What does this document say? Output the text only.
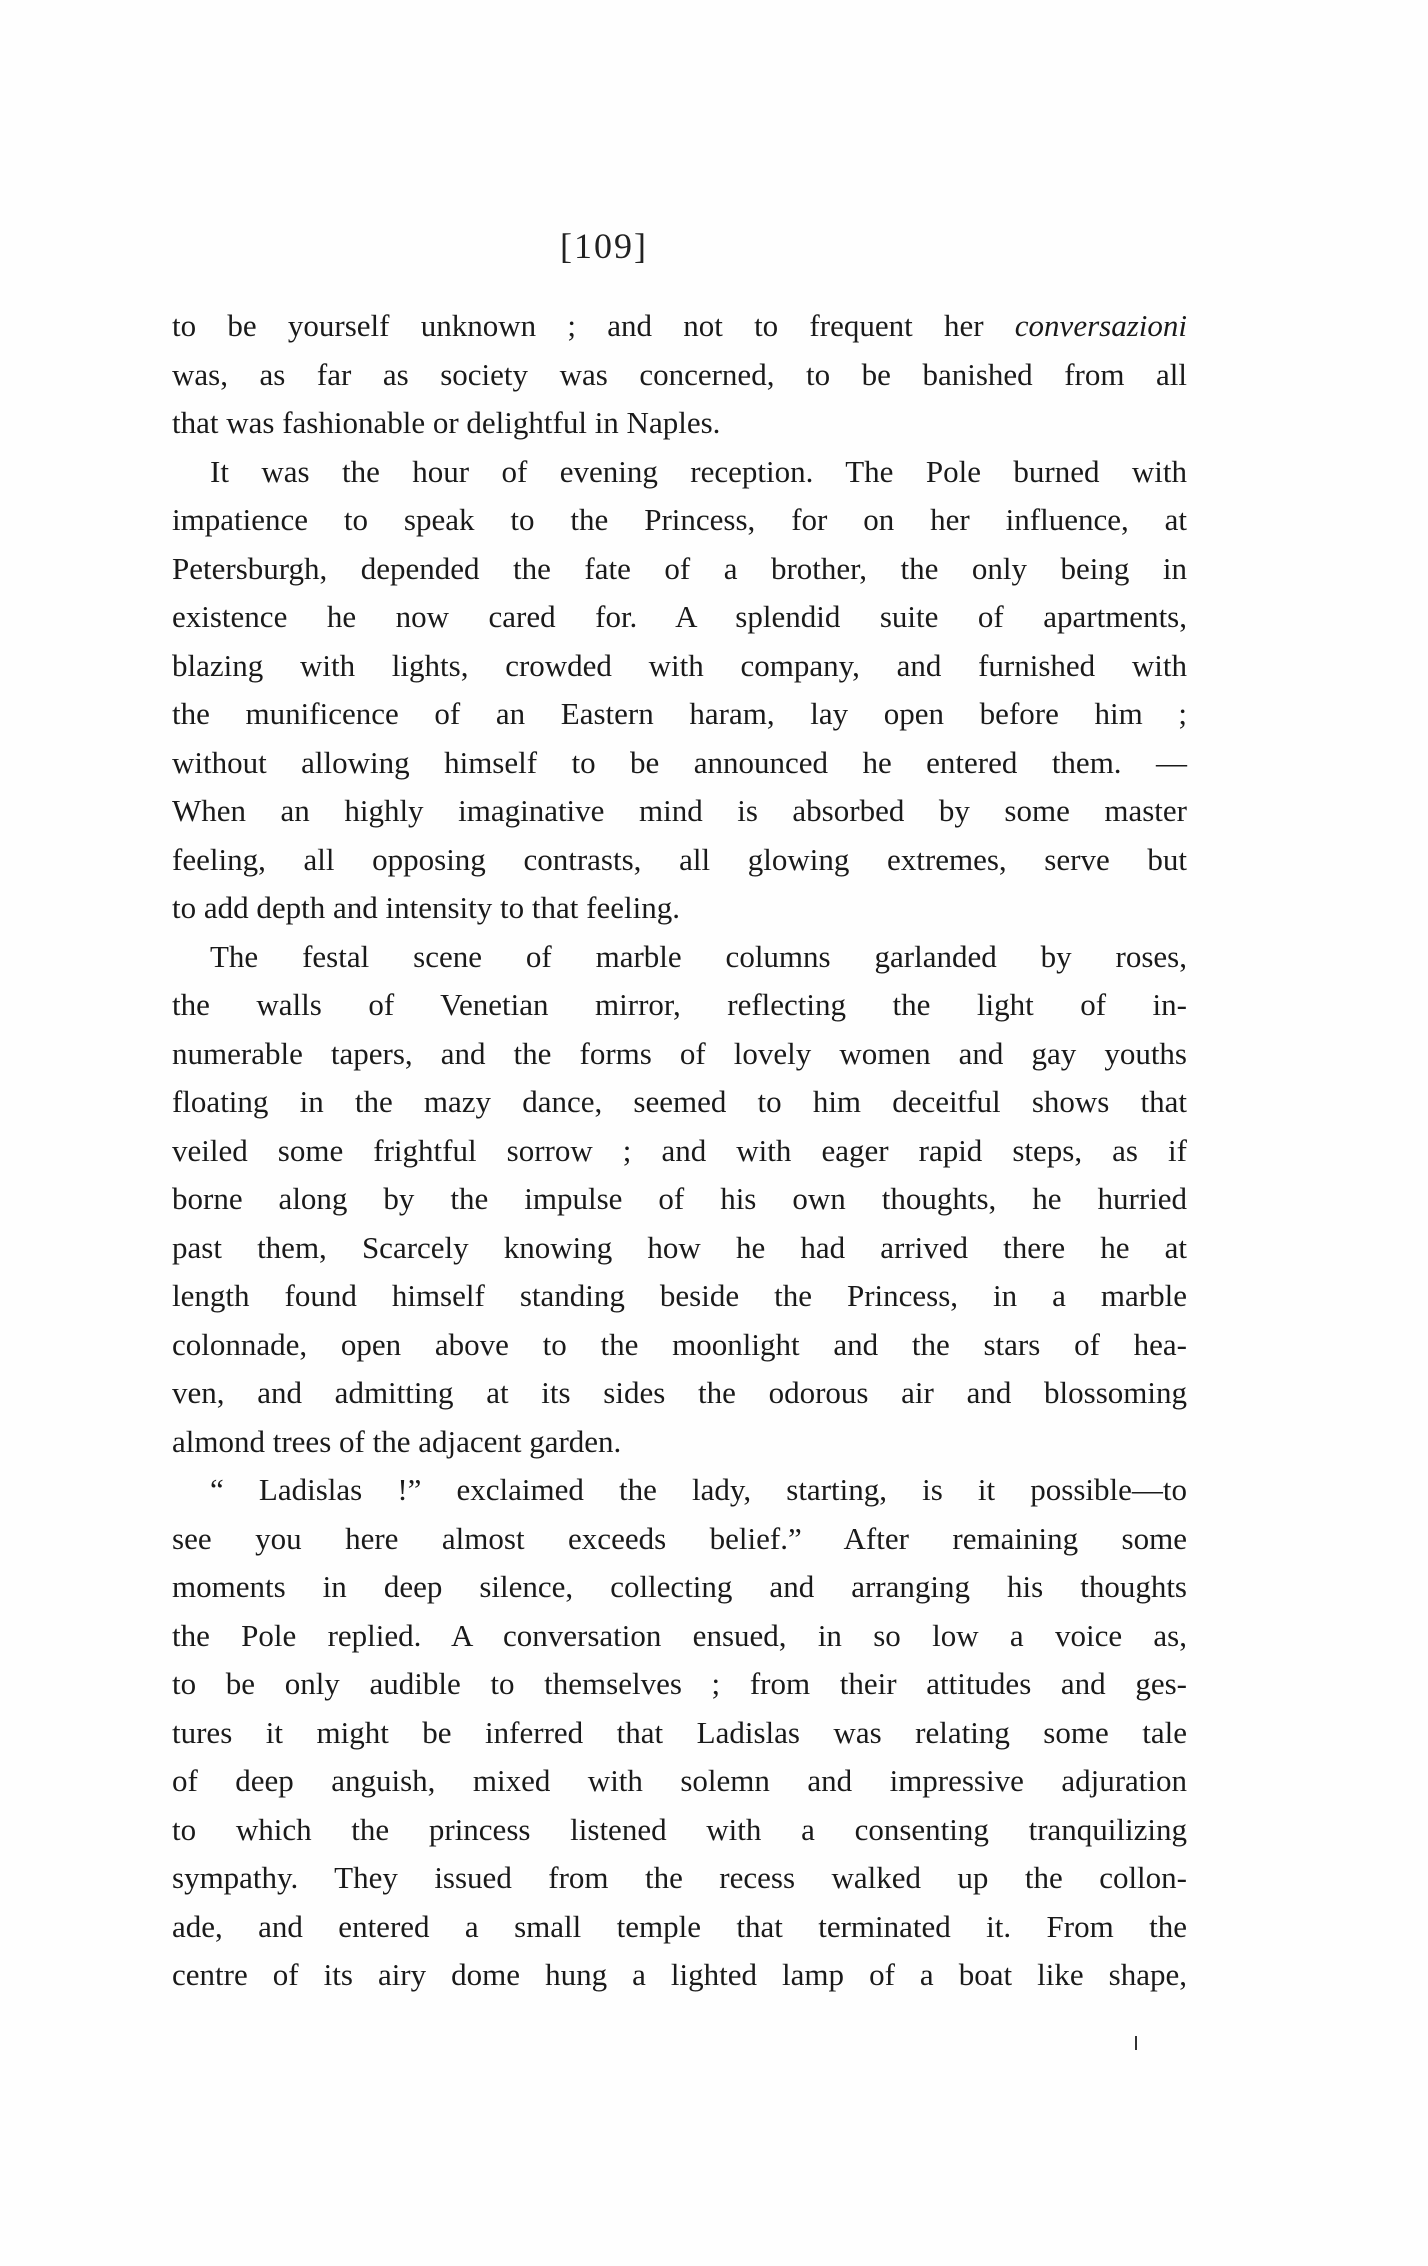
[109]
to be yourself unknown ; and not to frequent her conversazioni
was, as far as society was concerned, to be banished from all
that was fashionable or delightful in Naples.
It was the hour of evening reception. The Pole burned with
impatience to speak to the Princess, for on her influence, at
Petersburgh, depended the fate of a brother, the only being in
existence he now cared for. A splendid suite of apartments,
blazing with lights, crowded with company, and furnished with
the munificence of an Eastern haram, lay open before him ;
without allowing himself to be announced he entered them. —
When an highly imaginative mind is absorbed by some master
feeling, all opposing contrasts, all glowing extremes, serve but
to add depth and intensity to that feeling.
The festal scene of marble columns garlanded by roses,
the walls of Venetian mirror, reflecting the light of in-
numerable tapers, and the forms of lovely women and gay youths
floating in the mazy dance, seemed to him deceitful shows that
veiled some frightful sorrow ; and with eager rapid steps, as if
borne along by the impulse of his own thoughts, he hurried
past them, Scarcely knowing how he had arrived there he at
length found himself standing beside the Princess, in a marble
colonnade, open above to the moonlight and the stars of hea-
ven, and admitting at its sides the odorous air and blossoming
almond trees of the adjacent garden.
“ Ladislas !” exclaimed the lady, starting, is it possible—to
see you here almost exceeds belief.” After remaining some
moments in deep silence, collecting and arranging his thoughts
the Pole replied. A conversation ensued, in so low a voice as,
to be only audible to themselves ; from their attitudes and ges-
tures it might be inferred that Ladislas was relating some tale
of deep anguish, mixed with solemn and impressive adjuration
to which the princess listened with a consenting tranquilizing
sympathy. They issued from the recess walked up the collon-
ade, and entered a small temple that terminated it. From the
centre of its airy dome hung a lighted lamp of a boat like shape,
